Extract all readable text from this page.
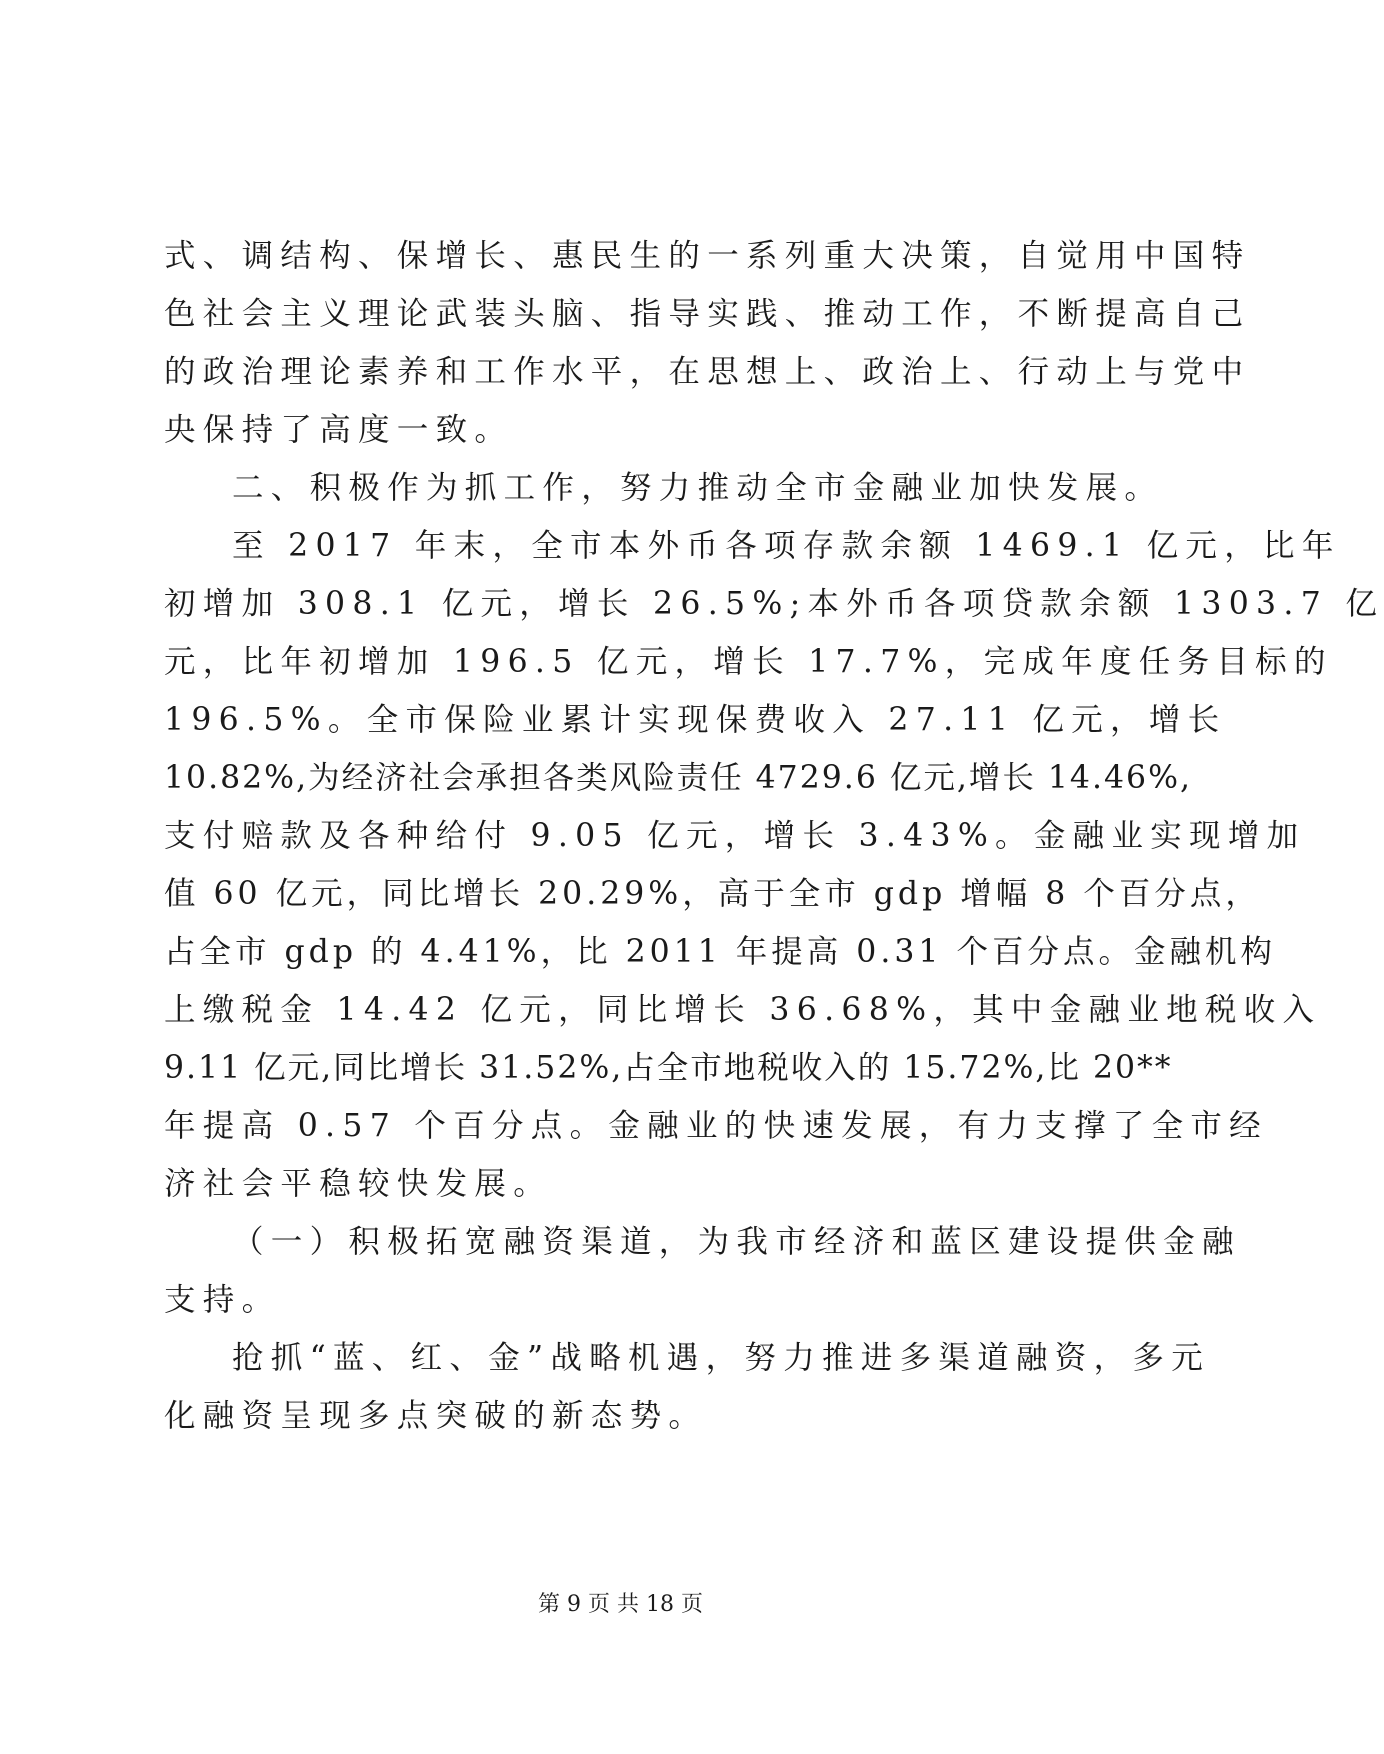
式、调结构、保增长、惠民生的一系列重大决策，自觉用中国特
色社会主义理论武装头脑、指导实践、推动工作，不断提高自己
的政治理论素养和工作水平，在思想上、政治上、行动上与党中
央保持了高度一致。
二、积极作为抓工作，努力推动全市金融业加快发展。
至 2017 年末，全市本外币各项存款余额 1469.1 亿元，比年
初增加 308.1 亿元，增长 26.5%;本外币各项贷款余额 1303.7 亿
元，比年初增加 196.5 亿元，增长 17.7%，完成年度任务目标的
196.5%。全市保险业累计实现保费收入 27.11 亿元，增长
10.82%,为经济社会承担各类风险责任 4729.6 亿元,增长 14.46%,
支付赔款及各种给付 9.05 亿元，增长 3.43%。金融业实现增加
值 60 亿元，同比增长 20.29%，高于全市 gdp 增幅 8 个百分点，
占全市 gdp 的 4.41%，比 2011 年提高 0.31 个百分点。金融机构
上缴税金 14.42 亿元，同比增长 36.68%，其中金融业地税收入
9.11 亿元,同比增长 31.52%,占全市地税收入的 15.72%,比 20**
年提高 0.57 个百分点。金融业的快速发展，有力支撑了全市经
济社会平稳较快发展。
（一）积极拓宽融资渠道，为我市经济和蓝区建设提供金融
支持。
抢抓“蓝、红、金”战略机遇，努力推进多渠道融资，多元
化融资呈现多点突破的新态势。
第 9 页 共 18 页
